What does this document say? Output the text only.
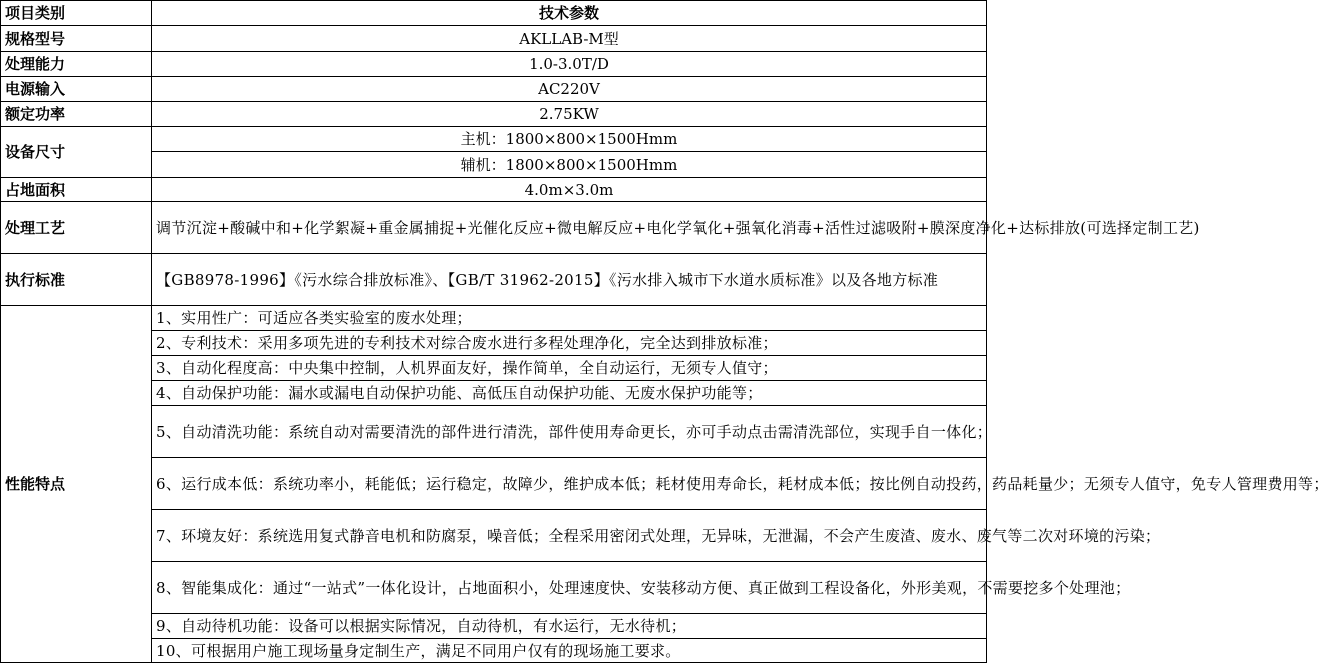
项目类别	技术参数
规格型号	AKLLAB-M型
处理能力	1.0-3.0T/D
电源输入	AC220V
额定功率	2.75KW
设备尺寸	主机：1800×800×1500Hmm
	辅机：1800×800×1500Hmm
占地面积	4.0m×3.0m
处理工艺	调节沉淀+酸碱中和+化学絮凝+重金属捕捉+光催化反应+微电解反应+电化学氧化+强氧化消毒+活性过滤吸附+膜深度净化+达标排放(可选择定制工艺)
执行标准	【GB8978-1996】《污水综合排放标准》、【GB/T 31962-2015】《污水排入城市下水道水质标准》以及各地方标准
性能特点	1、实用性广：可适应各类实验室的废水处理；
	2、专利技术：采用多项先进的专利技术对综合废水进行多程处理净化，完全达到排放标准；
	3、自动化程度高：中央集中控制，人机界面友好，操作简单，全自动运行，无须专人值守；
	4、自动保护功能：漏水或漏电自动保护功能、高低压自动保护功能、无废水保护功能等；
	5、自动清洗功能：系统自动对需要清洗的部件进行清洗，部件使用寿命更长，亦可手动点击需清洗部位，实现手自一体化；
	6、运行成本低：系统功率小，耗能低；运行稳定，故障少，维护成本低；耗材使用寿命长，耗材成本低；按比例自动投药，药品耗量少；无须专人值守，免专人管理费用等；
	7、环境友好：系统选用复式静音电机和防腐泵，噪音低；全程采用密闭式处理，无异味，无泄漏，不会产生废渣、废水、废气等二次对环境的污染；
	8、智能集成化：通过“一站式”一体化设计，占地面积小，处理速度快、安装移动方便、真正做到工程设备化，外形美观，不需要挖多个处理池；
	9、自动待机功能：设备可以根据实际情况，自动待机，有水运行，无水待机；
	10、可根据用户施工现场量身定制生产，满足不同用户仅有的现场施工要求。
